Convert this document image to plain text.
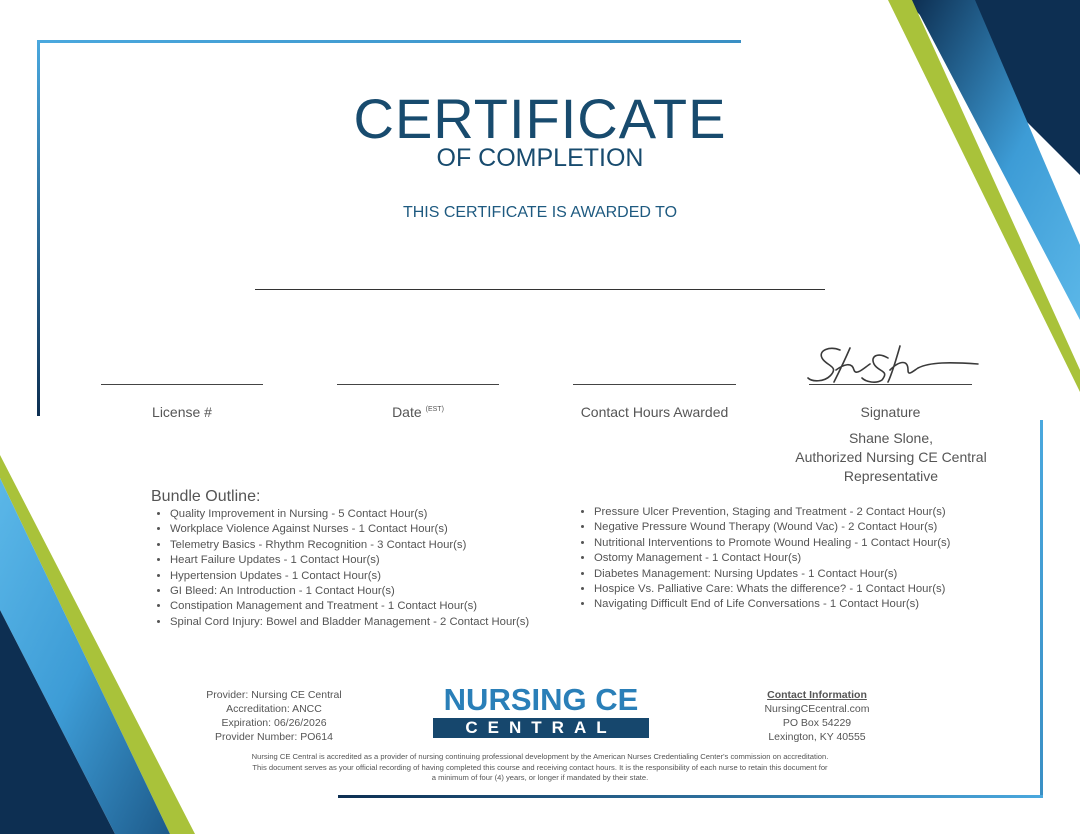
CERTIFICATE
OF COMPLETION
THIS CERTIFICATE IS AWARDED TO
License #	Date $^{(EST)}$	Contact Hours Awarded	Signature
Shane Slone,
Authorized Nursing CE Central
Representative
Bundle Outline:
• Quality Improvement in Nursing - 5 Contact Hour(s)
• Workplace Violence Against Nurses - 1 Contact Hour(s)
• Telemetry Basics - Rhythm Recognition - 3 Contact Hour(s)
• Heart Failure Updates - 1 Contact Hour(s)
• Hypertension Updates - 1 Contact Hour(s)
• GI Bleed: An Introduction - 1 Contact Hour(s)
• Constipation Management and Treatment - 1 Contact Hour(s)
• Spinal Cord Injury: Bowel and Bladder Management - 2 Contact Hour(s)
• Pressure Ulcer Prevention, Staging and Treatment - 2 Contact Hour(s)
• Negative Pressure Wound Therapy (Wound Vac) - 2 Contact Hour(s)
• Nutritional Interventions to Promote Wound Healing - 1 Contact Hour(s)
• Ostomy Management - 1 Contact Hour(s)
• Diabetes Management: Nursing Updates - 1 Contact Hour(s)
• Hospice Vs. Palliative Care: Whats the difference? - 1 Contact Hour(s)
• Navigating Difficult End of Life Conversations - 1 Contact Hour(s)
Provider: Nursing CE Central
Accreditation: ANCC
Expiration: 06/26/2026
Provider Number: PO614
NURSING CE
CENTRAL
Contact Information
NursingCEcentral.com
PO Box 54229
Lexington, KY 40555
Nursing CE Central is accredited as a provider of nursing continuing professional development by the American Nurses Credentialing Center's commission on accreditation. This document serves as your official recording of having completed this course and receiving contact hours. It is the responsibility of each nurse to retain this document for a minimum of four (4) years, or longer if mandated by their state.
